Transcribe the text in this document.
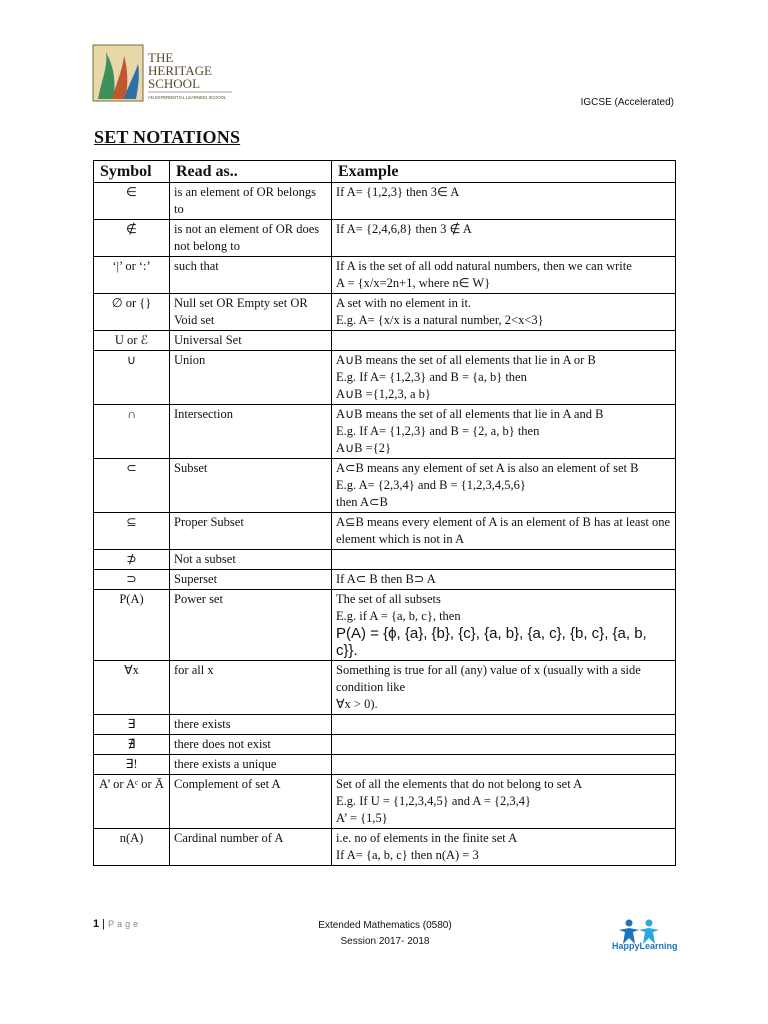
THE
HERITAGE
SCHOOL
AN EXPERIENTIAL LEARNING SCHOOL	IGCSE (Accelerated)
SET NOTATIONS
Symbol	Read as..	Example
∈	is an element of OR belongs to	If A= {1,2,3} then 3∈ A

∉	is not an element of OR does not belong to	If A= {2,4,6,8} then 3 ∉ A

‘|’ or ‘:’	such that	If A is the set of all odd natural numbers, then we can write
A = {x/x=2n+1, where n∈ W}

∅ or {}	Null set OR Empty set OR Void set	A set with no element in it.
E.g. A= {x/x is a natural number, 2<x<3}

U or ℰ	Universal Set	

∪	Union	A∪B means the set of all elements that lie in A or B
E.g. If A= {1,2,3} and B = {a, b} then
A∪B ={1,2,3, a b}

∩	Intersection	A∪B means the set of all elements that lie in A and B
E.g. If A= {1,2,3} and B = {2, a, b} then
A∪B ={2}

⊂	Subset	A⊂B means any element of set A is also an element of set B
E.g. A= {2,3,4} and B = {1,2,3,4,5,6}
then A⊂B

⊆	Proper Subset	A⊆B means every element of A is an element of B has at least one element which is not in A

⊅	Not a subset	

⊃	Superset	If A⊂ B then B⊃ A

P(A)	Power set	The set of all subsets
E.g. if A = {a, b, c}, then
P(A) = {ϕ, {a}, {b}, {c}, {a, b}, {a, c}, {b, c}, {a, b, c}}.

∀x	for all x	Something is true for all (any) value of x (usually with a side condition like
∀x > 0).

∃	there exists	

∄	there does not exist	

∃!	there exists a unique	

A’ or Aᶜ or Ā	Complement of set A	Set of all the elements that do not belong to set A
E.g. If U = {1,2,3,4,5} and A = {2,3,4}
A’ = {1,5}

n(A)	Cardinal number of A	i.e. no of elements in the finite set A
If A= {a, b, c} then n(A) = 3
1 | Page	Extended Mathematics (0580)
Session 2017- 2018	HappyLearning
